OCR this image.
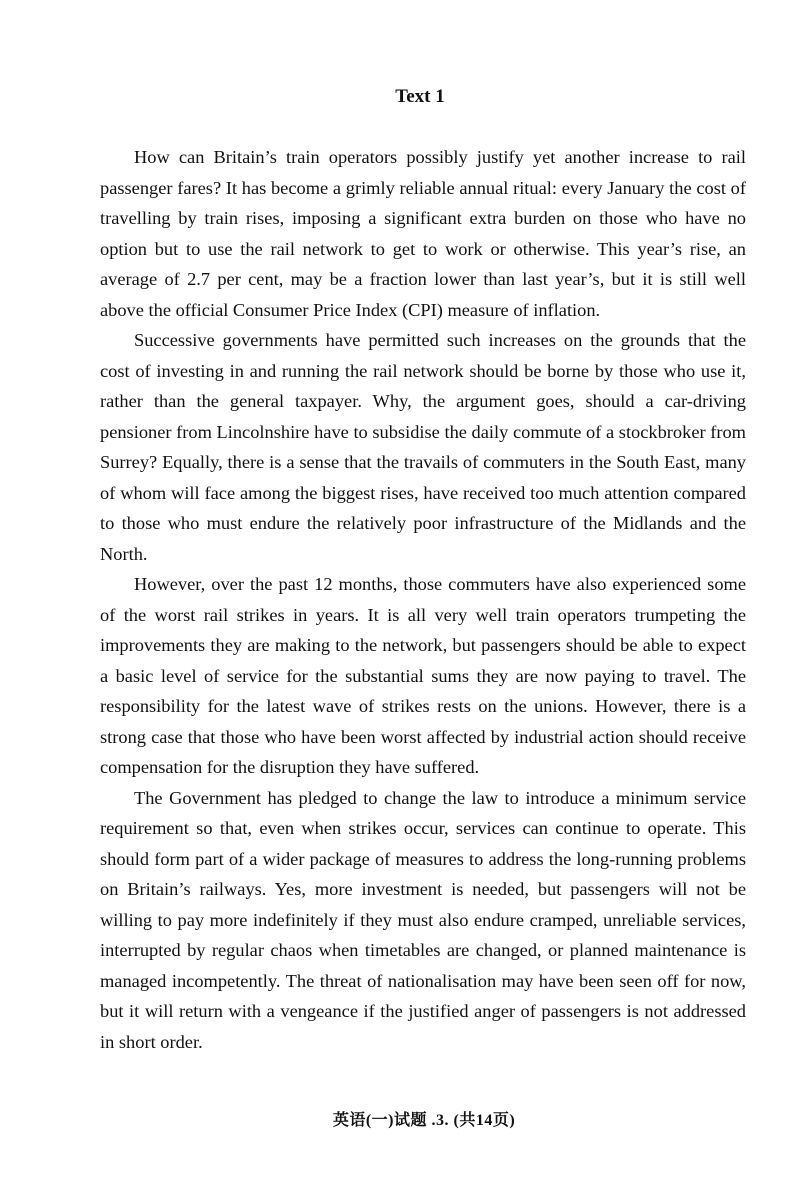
Text 1

How can Britain’s train operators possibly justify yet another increase to rail passenger fares? It has become a grimly reliable annual ritual: every January the cost of travelling by train rises, imposing a significant extra burden on those who have no option but to use the rail network to get to work or otherwise. This year’s rise, an average of 2.7 per cent, may be a fraction lower than last year’s, but it is still well above the official Consumer Price Index (CPI) measure of inflation.

Successive governments have permitted such increases on the grounds that the cost of investing in and running the rail network should be borne by those who use it, rather than the general taxpayer. Why, the argument goes, should a car-driving pensioner from Lincolnshire have to subsidise the daily commute of a stockbroker from Surrey? Equally, there is a sense that the travails of commuters in the South East, many of whom will face among the biggest rises, have received too much attention compared to those who must endure the relatively poor infrastructure of the Midlands and the North.

However, over the past 12 months, those commuters have also experienced some of the worst rail strikes in years. It is all very well train operators trumpeting the improvements they are making to the network, but passengers should be able to expect a basic level of service for the substantial sums they are now paying to travel. The responsibility for the latest wave of strikes rests on the unions. However, there is a strong case that those who have been worst affected by industrial action should receive compensation for the disruption they have suffered.

The Government has pledged to change the law to introduce a minimum service requirement so that, even when strikes occur, services can continue to operate. This should form part of a wider package of measures to address the long-running problems on Britain’s railways. Yes, more investment is needed, but passengers will not be willing to pay more indefinitely if they must also endure cramped, unreliable services, interrupted by regular chaos when timetables are changed, or planned maintenance is managed incompetently. The threat of nationalisation may have been seen off for now, but it will return with a vengeance if the justified anger of passengers is not addressed in short order.

英语(一)试题 .3. (共14页)
